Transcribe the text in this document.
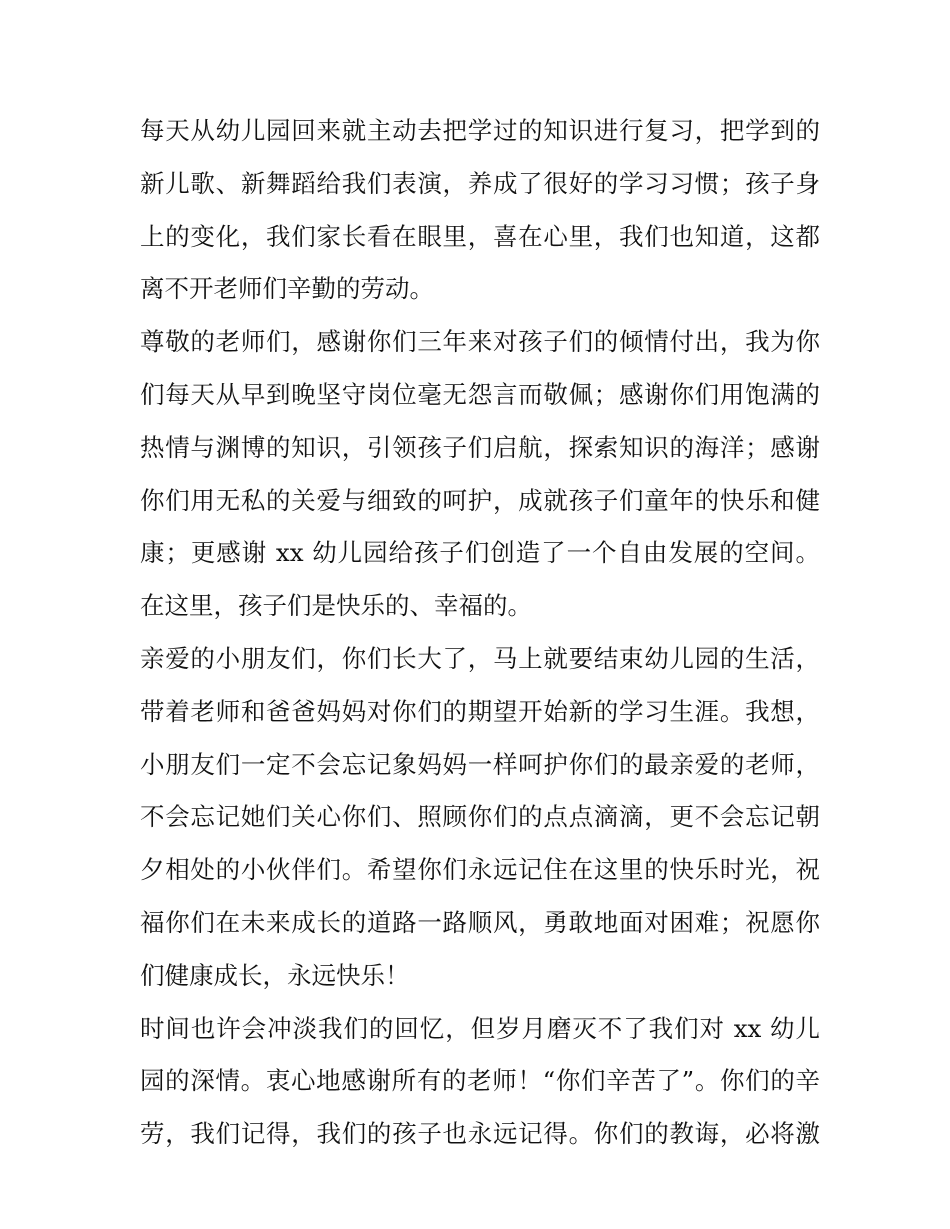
每天从幼儿园回来就主动去把学过的知识进行复习，把学到的
新儿歌、新舞蹈给我们表演，养成了很好的学习习惯；孩子身
上的变化，我们家长看在眼里，喜在心里，我们也知道，这都
离不开老师们辛勤的劳动。
尊敬的老师们，感谢你们三年来对孩子们的倾情付出，我为你
们每天从早到晚坚守岗位毫无怨言而敬佩；感谢你们用饱满的
热情与渊博的知识，引领孩子们启航，探索知识的海洋；感谢
你们用无私的关爱与细致的呵护，成就孩子们童年的快乐和健
康；更感谢 xx 幼儿园给孩子们创造了一个自由发展的空间。
在这里，孩子们是快乐的、幸福的。
亲爱的小朋友们，你们长大了，马上就要结束幼儿园的生活，
带着老师和爸爸妈妈对你们的期望开始新的学习生涯。我想，
小朋友们一定不会忘记象妈妈一样呵护你们的最亲爱的老师，
不会忘记她们关心你们、照顾你们的点点滴滴，更不会忘记朝
夕相处的小伙伴们。希望你们永远记住在这里的快乐时光，祝
福你们在未来成长的道路一路顺风，勇敢地面对困难；祝愿你
们健康成长，永远快乐！
时间也许会冲淡我们的回忆，但岁月磨灭不了我们对 xx 幼儿
园的深情。衷心地感谢所有的老师！“你们辛苦了”。你们的辛
劳，我们记得，我们的孩子也永远记得。你们的教诲，必将激
